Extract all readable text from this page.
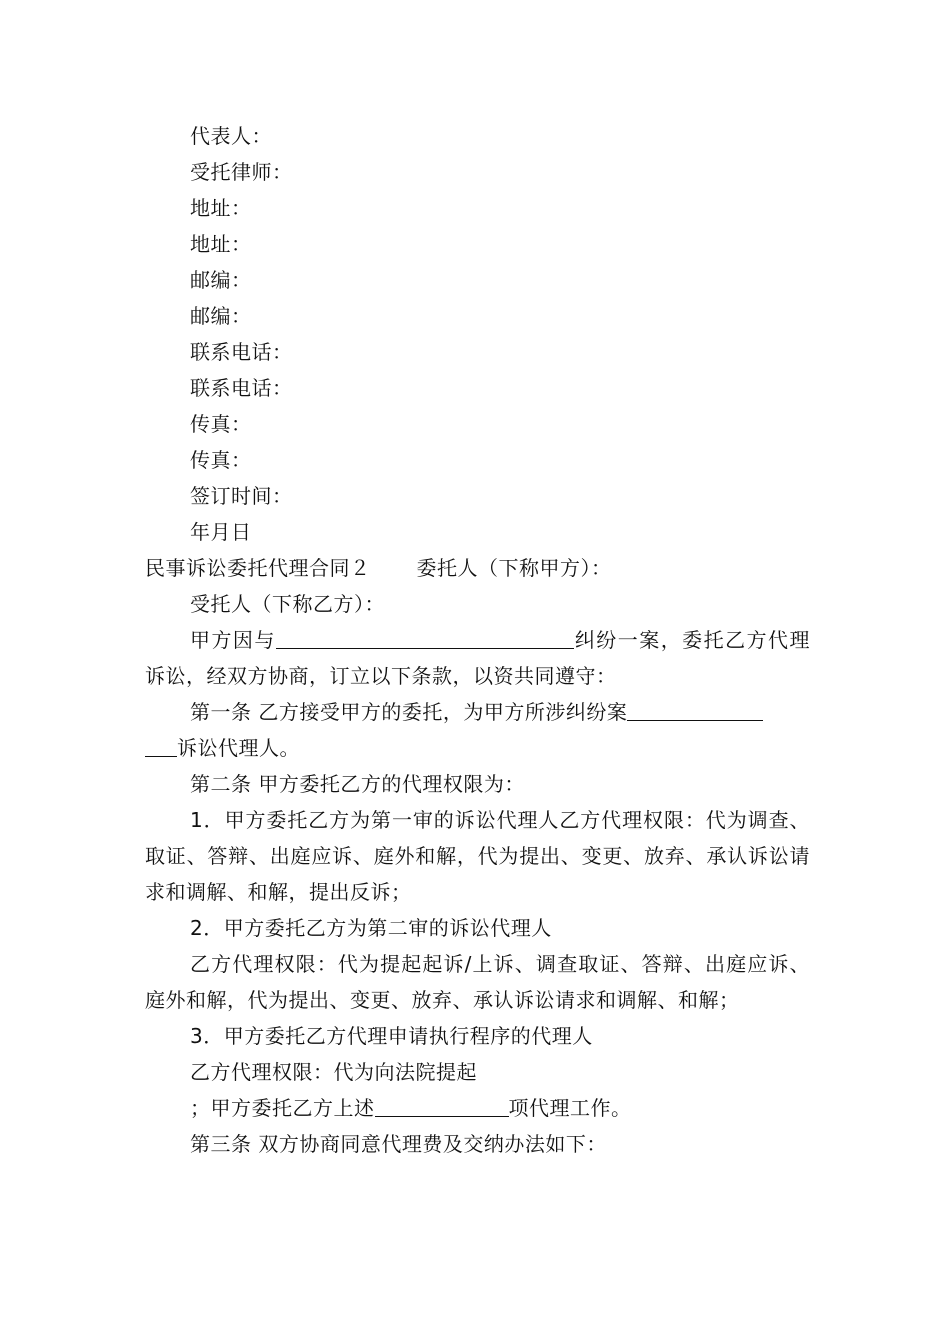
代表人：
受托律师：
地址：
地址：
邮编：
邮编：
联系电话：
联系电话：
传真：
传真：
签订时间：
年月日
民事诉讼委托代理合同２ 委托人（下称甲方）：
受托人（下称乙方）：
甲方因与	纠纷一案，委托乙方代理诉讼，经双方协商，订立以下条款，以资共同遵守：
第一条 乙方接受甲方的委托，为甲方所涉纠纷案
诉讼代理人。
第二条 甲方委托乙方的代理权限为：
1．甲方委托乙方为第一审的诉讼代理人乙方代理权限：代为调查、取证、答辩、出庭应诉、庭外和解，代为提出、变更、放弃、承认诉讼请求和调解、和解，提出反诉；
2．甲方委托乙方为第二审的诉讼代理人
乙方代理权限：代为提起起诉/上诉、调查取证、答辩、出庭应诉、庭外和解，代为提出、变更、放弃、承认诉讼请求和调解、和解；
3．甲方委托乙方代理申请执行程序的代理人
乙方代理权限：代为向法院提起
；甲方委托乙方上述	项代理工作。
第三条 双方协商同意代理费及交纳办法如下：
